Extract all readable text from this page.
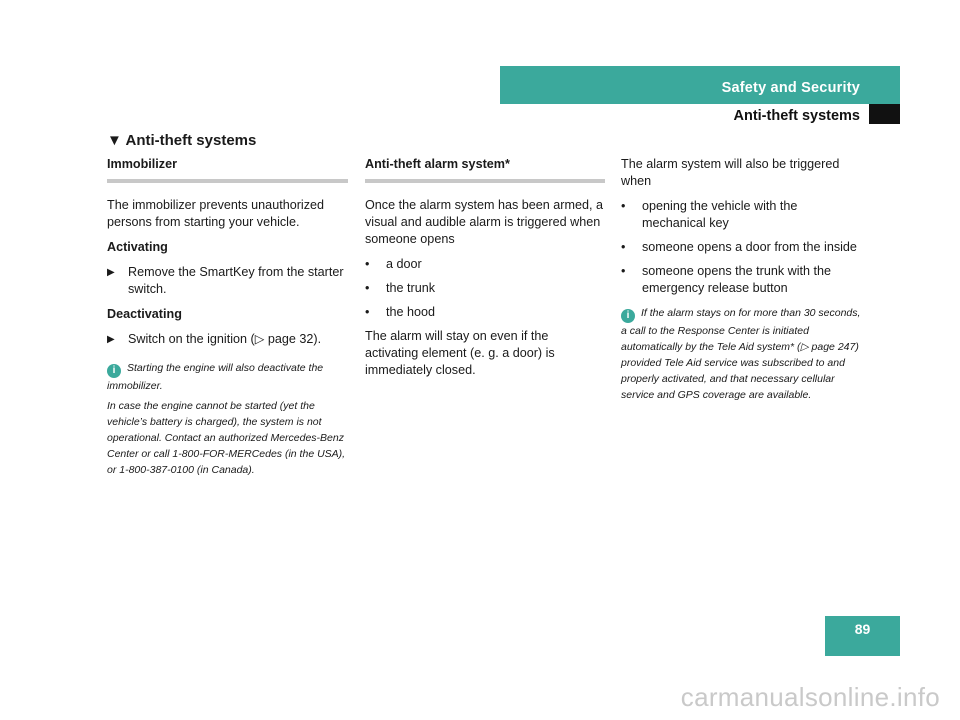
Safety and Security
Anti-theft systems
▼ Anti-theft systems
Immobilizer

The immobilizer prevents unauthorized persons from starting your vehicle.

Activating

▶	Remove the SmartKey from the starter switch.

Deactivating

▶	Switch on the ignition (▷ page 32).

i Starting the engine will also deactivate the immobilizer.

In case the engine cannot be started (yet the vehicle’s battery is charged), the system is not operational. Contact an authorized Mercedes-Benz Center or call 1-800-FOR-MERCedes (in the USA), or 1-800-387-0100 (in Canada).

Anti-theft alarm system*

Once the alarm system has been armed, a visual and audible alarm is triggered when someone opens

•	a door
•	the trunk
•	the hood

The alarm will stay on even if the activating element (e. g. a door) is immediately closed.

The alarm system will also be triggered when

•	opening the vehicle with the mechanical key
•	someone opens a door from the inside
•	someone opens the trunk with the emergency release button

i If the alarm stays on for more than 30 seconds, a call to the Response Center is initiated automatically by the Tele Aid system* (▷ page 247) provided Tele Aid service was subscribed to and properly activated, and that necessary cellular service and GPS coverage are available.

89
carmanualsonline.info
